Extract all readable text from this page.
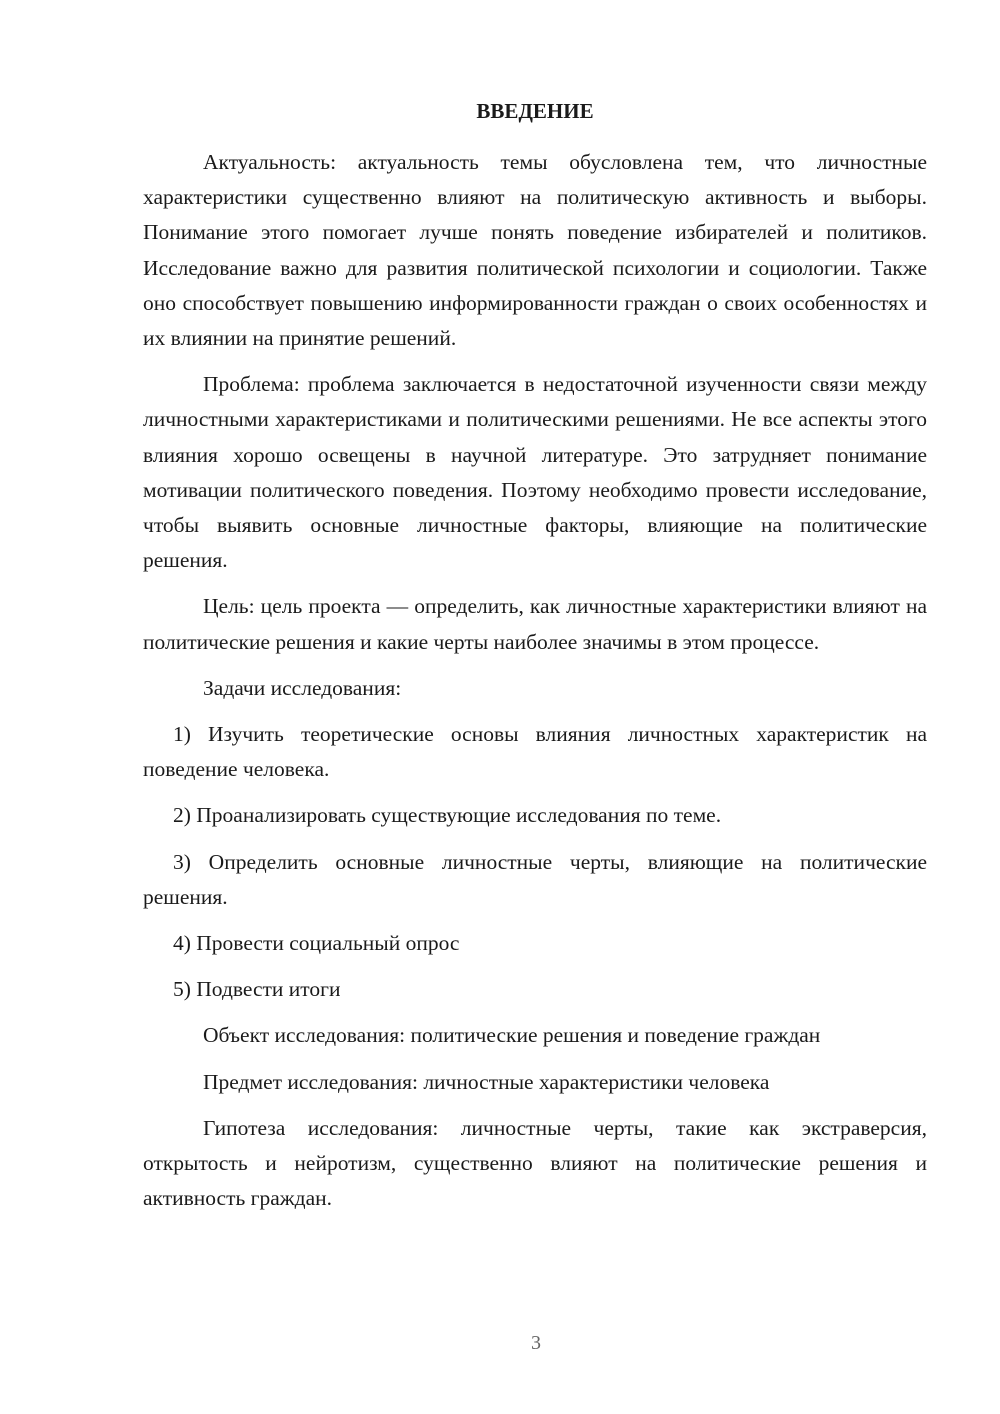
ВВЕДЕНИЕ

Актуальность: актуальность темы обусловлена тем, что личностные характеристики существенно влияют на политическую активность и выборы. Понимание этого помогает лучше понять поведение избирателей и политиков. Исследование важно для развития политической психологии и социологии. Также оно способствует повышению информированности граждан о своих особенностях и их влиянии на принятие решений.

Проблема: проблема заключается в недостаточной изученности связи между личностными характеристиками и политическими решениями. Не все аспекты этого влияния хорошо освещены в научной литературе. Это затрудняет понимание мотивации политического поведения. Поэтому необходимо провести исследование, чтобы выявить основные личностные факторы, влияющие на политические решения.

Цель: цель проекта — определить, как личностные характеристики влияют на политические решения и какие черты наиболее значимы в этом процессе.

Задачи исследования:

1) Изучить теоретические основы влияния личностных характеристик на поведение человека.

2) Проанализировать существующие исследования по теме.

3) Определить основные личностные черты, влияющие на политические решения.

4) Провести социальный опрос

5) Подвести итоги

Объект исследования: политические решения и поведение граждан

Предмет исследования: личностные характеристики человека

Гипотеза исследования: личностные черты, такие как экстраверсия, открытость и нейротизм, существенно влияют на политические решения и активность граждан.

3
